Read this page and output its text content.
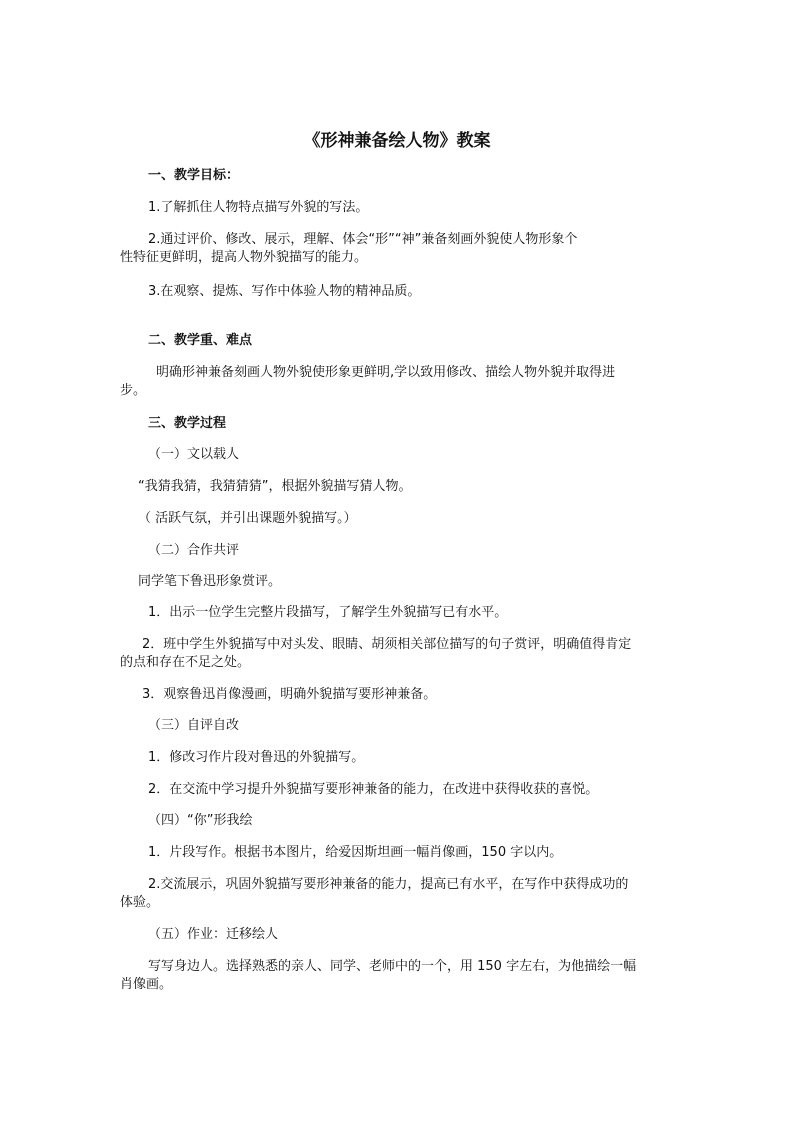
《形神兼备绘人物》教案
一、教学目标：
1.了解抓住人物特点描写外貌的写法。
2.通过评价、修改、展示，理解、体会“形”“神”兼备刻画外貌使人物形象个
性特征更鲜明，提高人物外貌描写的能力。
3.在观察、提炼、写作中体验人物的精神品质。
二、教学重、难点
明确形神兼备刻画人物外貌使形象更鲜明,学以致用修改、描绘人物外貌并取得进
步。
三、教学过程
（一）文以载人
“我猜我猜，我猜猜猜”，根据外貌描写猜人物。
（ 活跃气氛，并引出课题外貌描写。）
（二）合作共评
同学笔下鲁迅形象赏评。
1．出示一位学生完整片段描写，了解学生外貌描写已有水平。
2．班中学生外貌描写中对头发、眼睛、胡须相关部位描写的句子赏评，明确值得肯定
的点和存在不足之处。
3．观察鲁迅肖像漫画，明确外貌描写要形神兼备。
（三）自评自改
1．修改习作片段对鲁迅的外貌描写。
2．在交流中学习提升外貌描写要形神兼备的能力，在改进中获得收获的喜悦。
（四）“你”形我绘
1．片段写作。根据书本图片，给爱因斯坦画一幅肖像画，150 字以内。
2.交流展示，巩固外貌描写要形神兼备的能力，提高已有水平，在写作中获得成功的
体验。
（五）作业：迁移绘人
写写身边人。选择熟悉的亲人、同学、老师中的一个，用 150 字左右，为他描绘一幅
肖像画。
